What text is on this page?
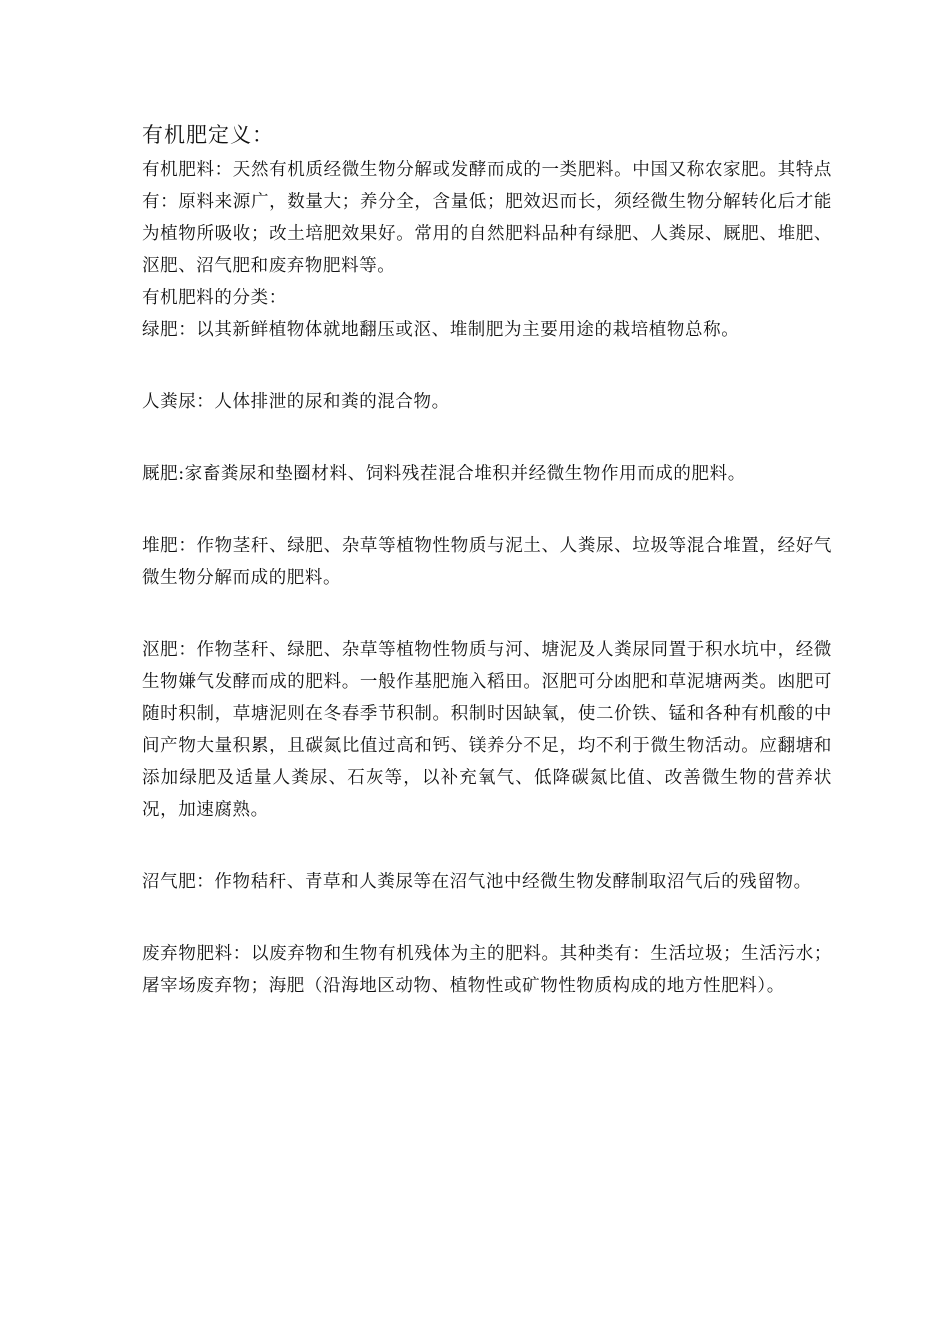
有机肥定义：

有机肥料：天然有机质经微生物分解或发酵而成的一类肥料。中国又称农家肥。其特点有：原料来源广，数量大；养分全，含量低；肥效迟而长，须经微生物分解转化后才能为植物所吸收；改土培肥效果好。常用的自然肥料品种有绿肥、人粪尿、厩肥、堆肥、沤肥、沼气肥和废弃物肥料等。

有机肥料的分类：

绿肥：以其新鲜植物体就地翻压或沤、堆制肥为主要用途的栽培植物总称。

人粪尿：人体排泄的尿和粪的混合物。

厩肥:家畜粪尿和垫圈材料、饲料残茬混合堆积并经微生物作用而成的肥料。

堆肥：作物茎秆、绿肥、杂草等植物性物质与泥土、人粪尿、垃圾等混合堆置，经好气微生物分解而成的肥料。

沤肥：作物茎秆、绿肥、杂草等植物性物质与河、塘泥及人粪尿同置于积水坑中，经微生物嫌气发酵而成的肥料。一般作基肥施入稻田。沤肥可分凼肥和草泥塘两类。凼肥可随时积制，草塘泥则在冬春季节积制。积制时因缺氧，使二价铁、锰和各种有机酸的中间产物大量积累，且碳氮比值过高和钙、镁养分不足，均不利于微生物活动。应翻塘和添加绿肥及适量人粪尿、石灰等，以补充氧气、低降碳氮比值、改善微生物的营养状况，加速腐熟。

沼气肥：作物秸秆、青草和人粪尿等在沼气池中经微生物发酵制取沼气后的残留物。

废弃物肥料：以废弃物和生物有机残体为主的肥料。其种类有：生活垃圾；生活污水；屠宰场废弃物；海肥（沿海地区动物、植物性或矿物性物质构成的地方性肥料）。
